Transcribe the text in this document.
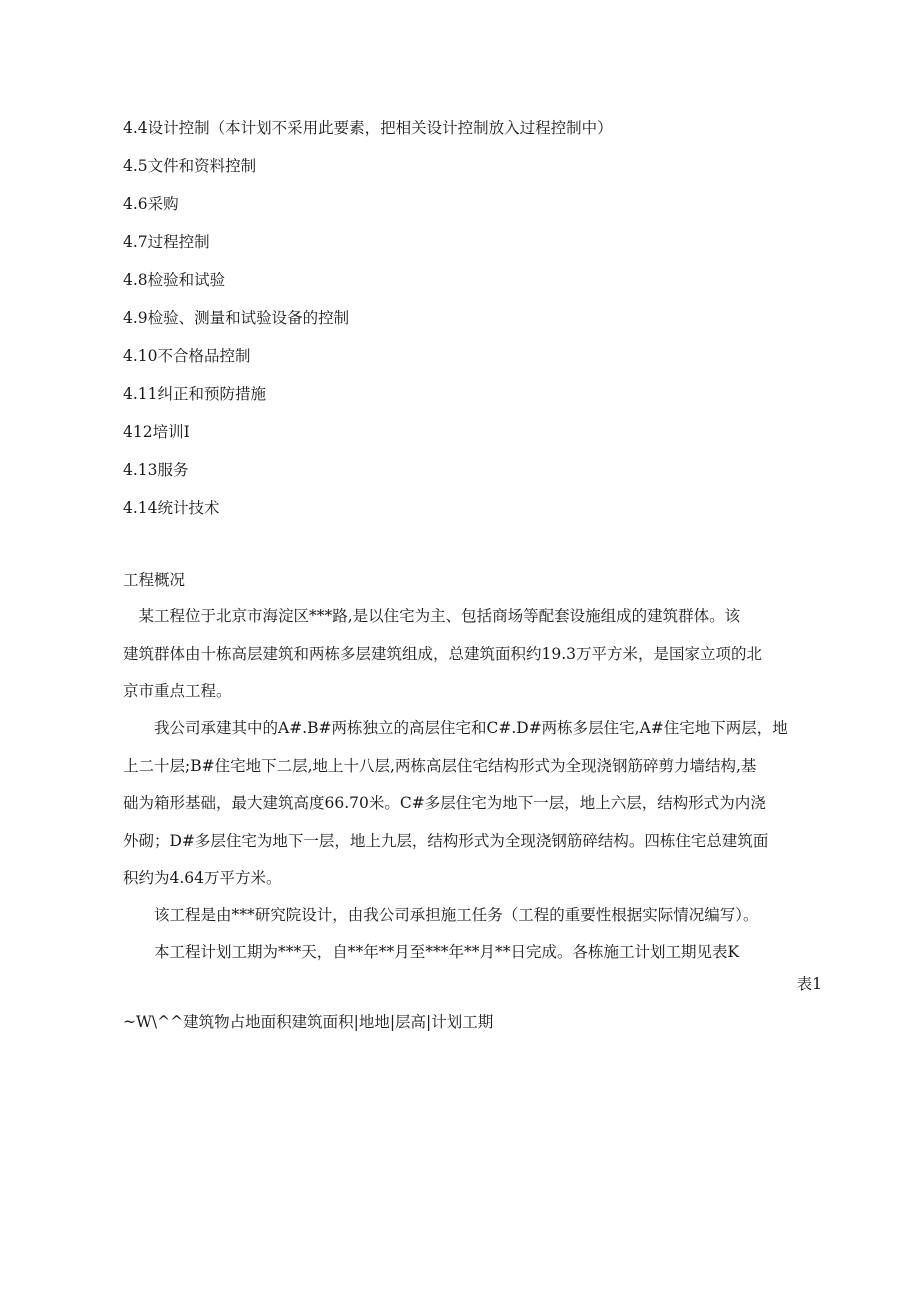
4.4设计控制（本计划不采用此要素，把相关设计控制放入过程控制中）
4.5文件和资料控制
4.6采购
4.7过程控制
4.8检验和试验
4.9检验、测量和试验设备的控制
4.10不合格品控制
4.11纠正和预防措施
412培训I
4.13服务
4.14统计技术
工程概况
　某工程位于北京市海淀区***路,是以住宅为主、包括商场等配套设施组成的建筑群体。该
建筑群体由十栋高层建筑和两栋多层建筑组成，总建筑面积约19.3万平方米，是国家立项的北
京市重点工程。
　　我公司承建其中的A#.B#两栋独立的高层住宅和C#.D#两栋多层住宅,A#住宅地下两层，地
上二十层;B#住宅地下二层,地上十八层,两栋高层住宅结构形式为全现浇钢筋碎剪力墙结构,基
础为箱形基础，最大建筑高度66.70米。C#多层住宅为地下一层，地上六层，结构形式为内浇
外砌；D#多层住宅为地下一层，地上九层，结构形式为全现浇钢筋碎结构。四栋住宅总建筑面
积约为4.64万平方米。
　　该工程是由***研究院设计，由我公司承担施工任务（工程的重要性根据实际情况编写）。
　　本工程计划工期为***天，自**年**月至***年**月**日完成。各栋施工计划工期见表K
表1
~W\^^建筑物占地面积建筑面积|地地|层高|计划工期
